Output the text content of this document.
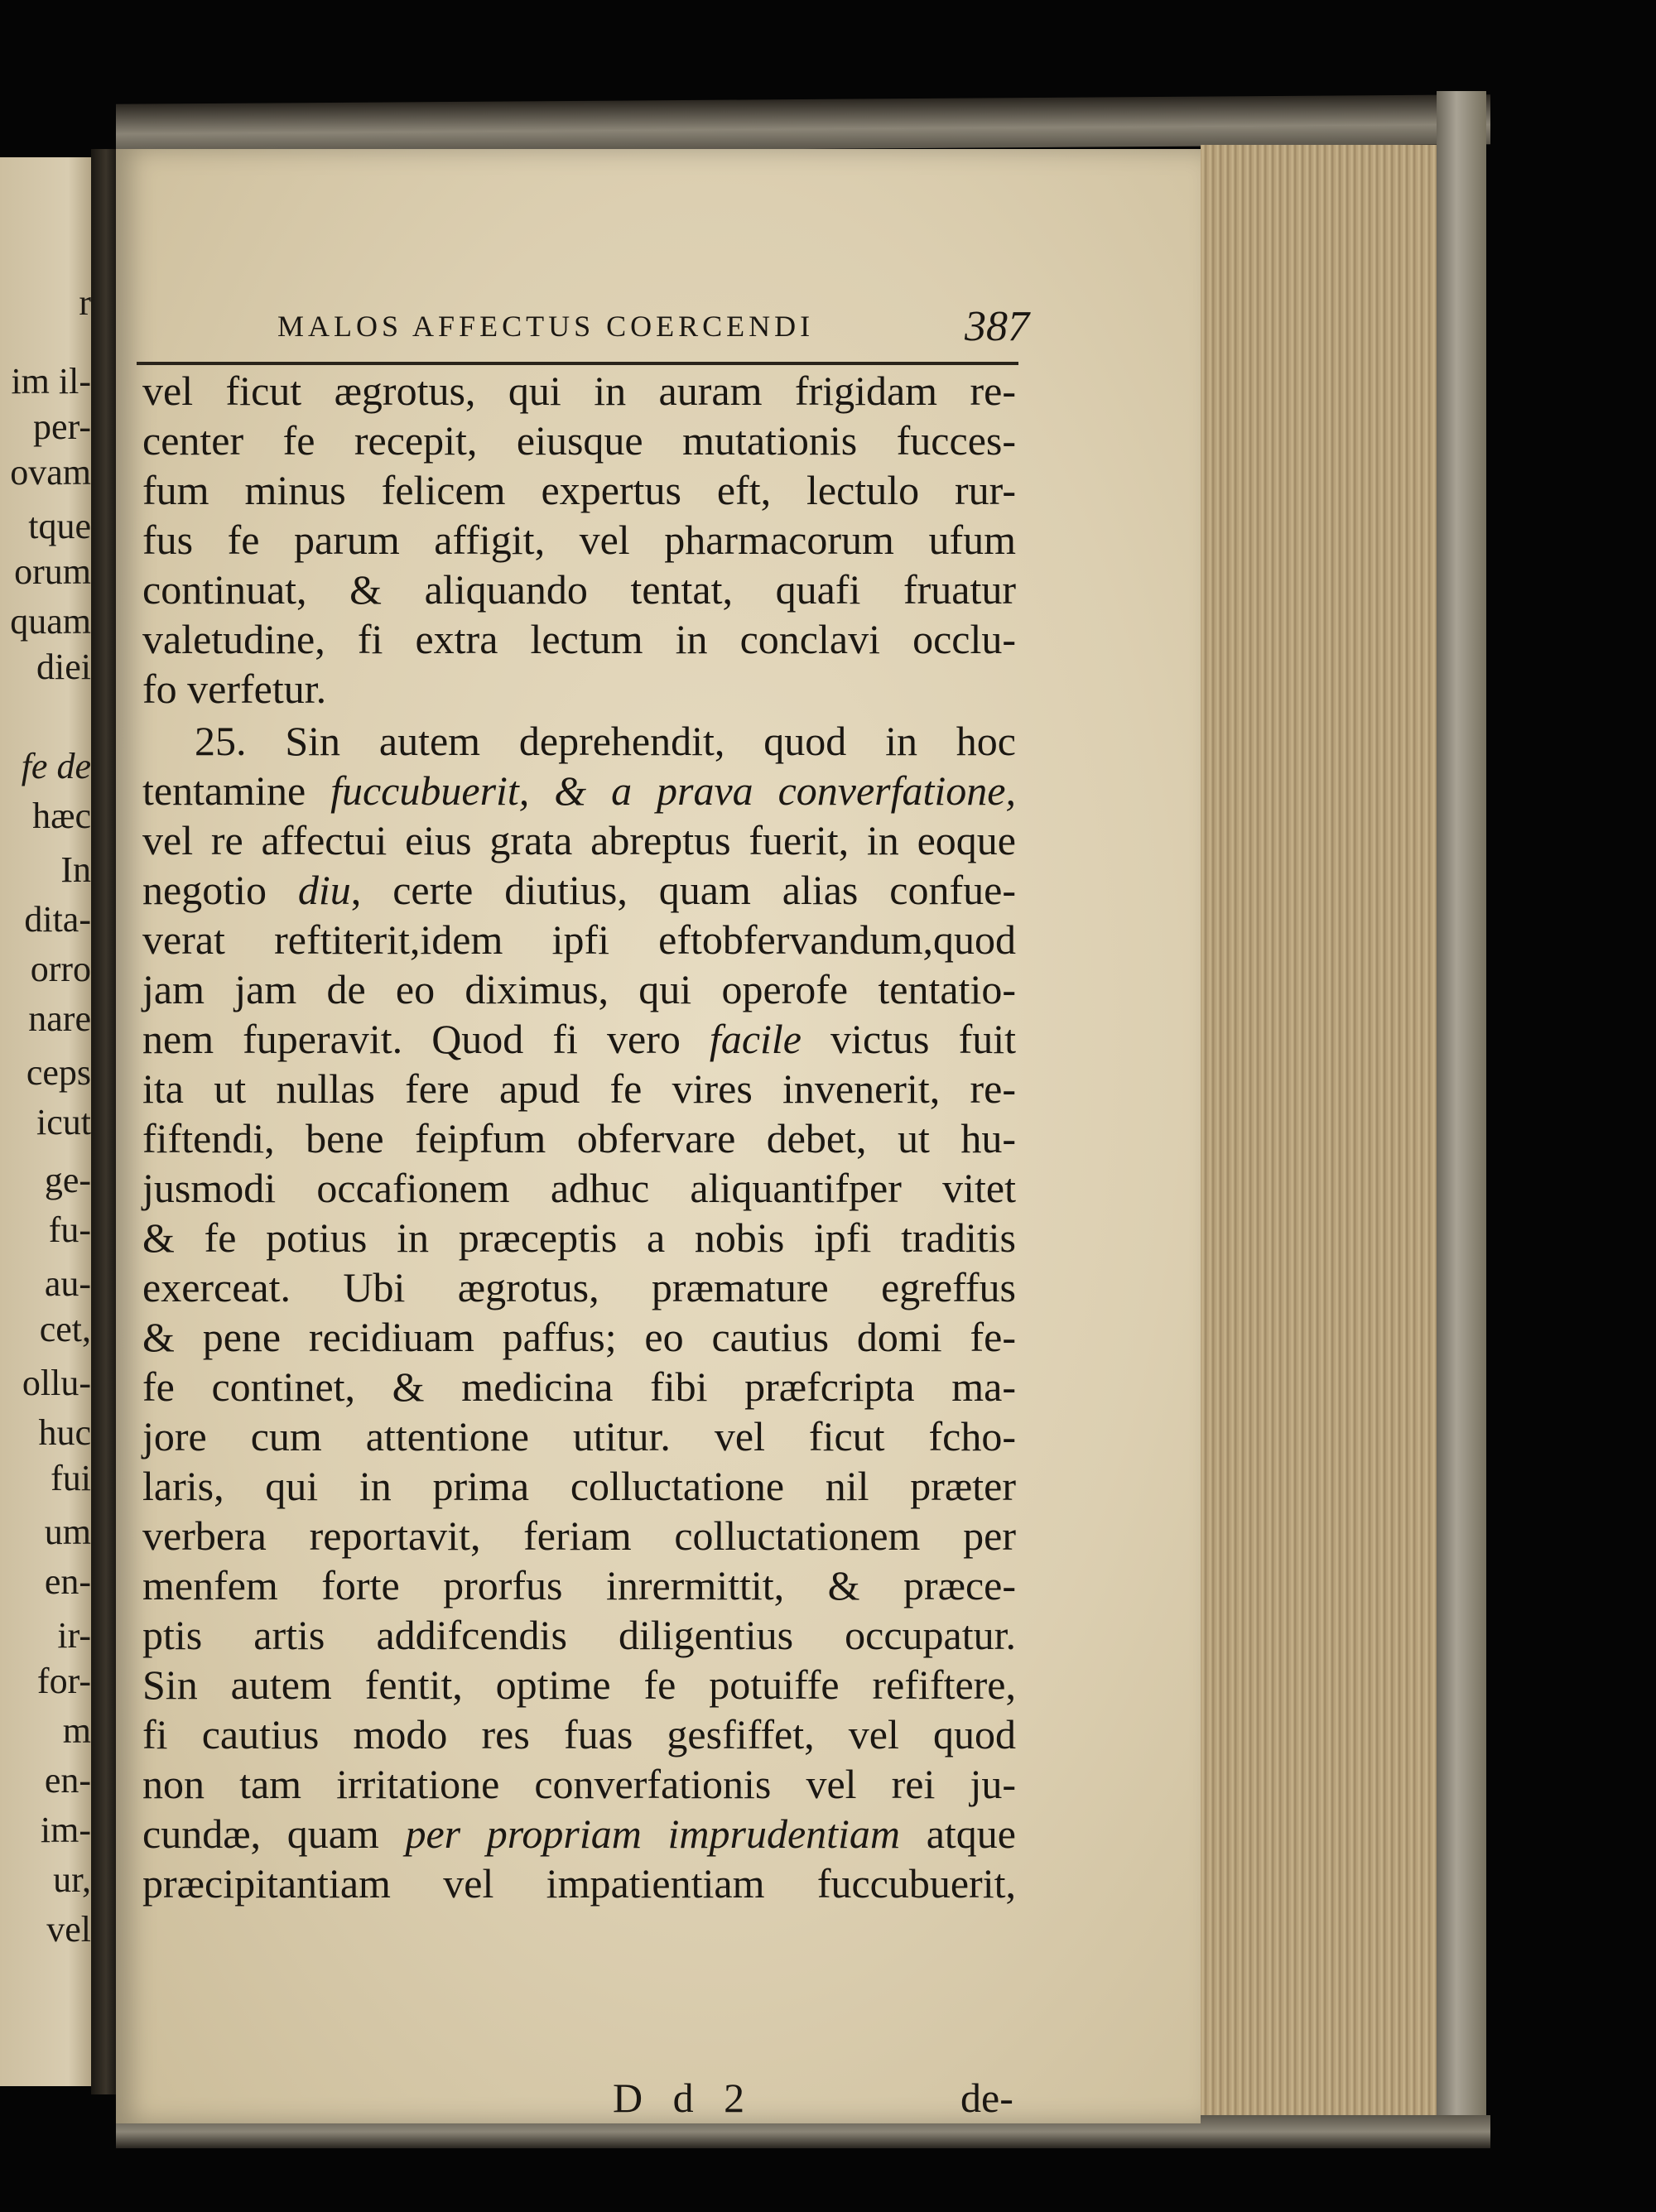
r
im il-
per-
ovam
tque
orum
quam
diei
fe de
hæc
In
dita-
orro
nare
ceps
icut
ge-
fu-
au-
cet,
ollu-
huc
fui
um
en-
ir-
for-
m
en-
im-
ur,
vel
MALOS AFFECTUS COERCENDI	387
vel ficut ægrotus, qui in auram frigidam re-
center fe recepit, eiusque mutationis fucces-
fum minus felicem expertus eft, lectulo rur-
fus fe parum affigit, vel pharmacorum ufum
continuat, & aliquando tentat, quafi fruatur
valetudine, fi extra lectum in conclavi occlu-
fo verfetur.
25. Sin autem deprehendit, quod in hoc
tentamine fuccubuerit, & a prava converfatione,
vel re affectui eius grata abreptus fuerit, in eoque
negotio diu, certe diutius, quam alias confue-
verat reftiterit,idem ipfi eftobfervandum,quod
jam jam de eo diximus, qui operofe tentatio-
nem fuperavit. Quod fi vero facile victus fuit
ita ut nullas fere apud fe vires invenerit, re-
fiftendi, bene feipfum obfervare debet, ut hu-
jusmodi occafionem adhuc aliquantifper vitet
& fe potius in præceptis a nobis ipfi traditis
exerceat. Ubi ægrotus, præmature egreffus
& pene recidiuam paffus; eo cautius domi fe-
fe continet, & medicina fibi præfcripta ma-
jore cum attentione utitur. vel ficut fcho-
laris, qui in prima colluctatione nil præter
verbera reportavit, feriam colluctationem per
menfem forte prorfus inrermittit, & præce-
ptis artis addifcendis diligentius occupatur.
Sin autem fentit, optime fe potuiffe refiftere,
fi cautius modo res fuas gesfiffet, vel quod
non tam irritatione converfationis vel rei ju-
cundæ, quam per propriam imprudentiam atque
præcipitantiam vel impatientiam fuccubuerit,
D d 2	de-
